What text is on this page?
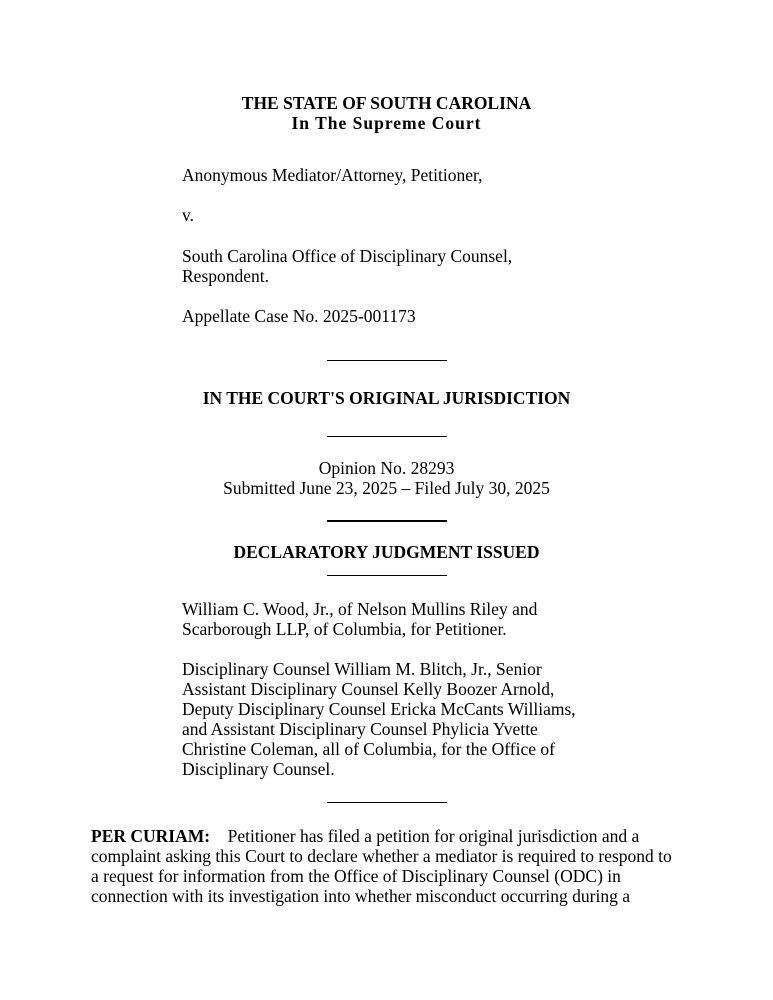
THE STATE OF SOUTH CAROLINA
In The Supreme Court
Anonymous Mediator/Attorney, Petitioner,
v.
South Carolina Office of Disciplinary Counsel,
Respondent.
Appellate Case No. 2025-001173
IN THE COURT'S ORIGINAL JURISDICTION
Opinion No. 28293
Submitted June 23, 2025 – Filed July 30, 2025
DECLARATORY JUDGMENT ISSUED
William C. Wood, Jr., of Nelson Mullins Riley and
Scarborough LLP, of Columbia, for Petitioner.
Disciplinary Counsel William M. Blitch, Jr., Senior
Assistant Disciplinary Counsel Kelly Boozer Arnold,
Deputy Disciplinary Counsel Ericka McCants Williams,
and Assistant Disciplinary Counsel Phylicia Yvette
Christine Coleman, all of Columbia, for the Office of
Disciplinary Counsel.
PER CURIAM: Petitioner has filed a petition for original jurisdiction and a
complaint asking this Court to declare whether a mediator is required to respond to
a request for information from the Office of Disciplinary Counsel (ODC) in
connection with its investigation into whether misconduct occurring during a
